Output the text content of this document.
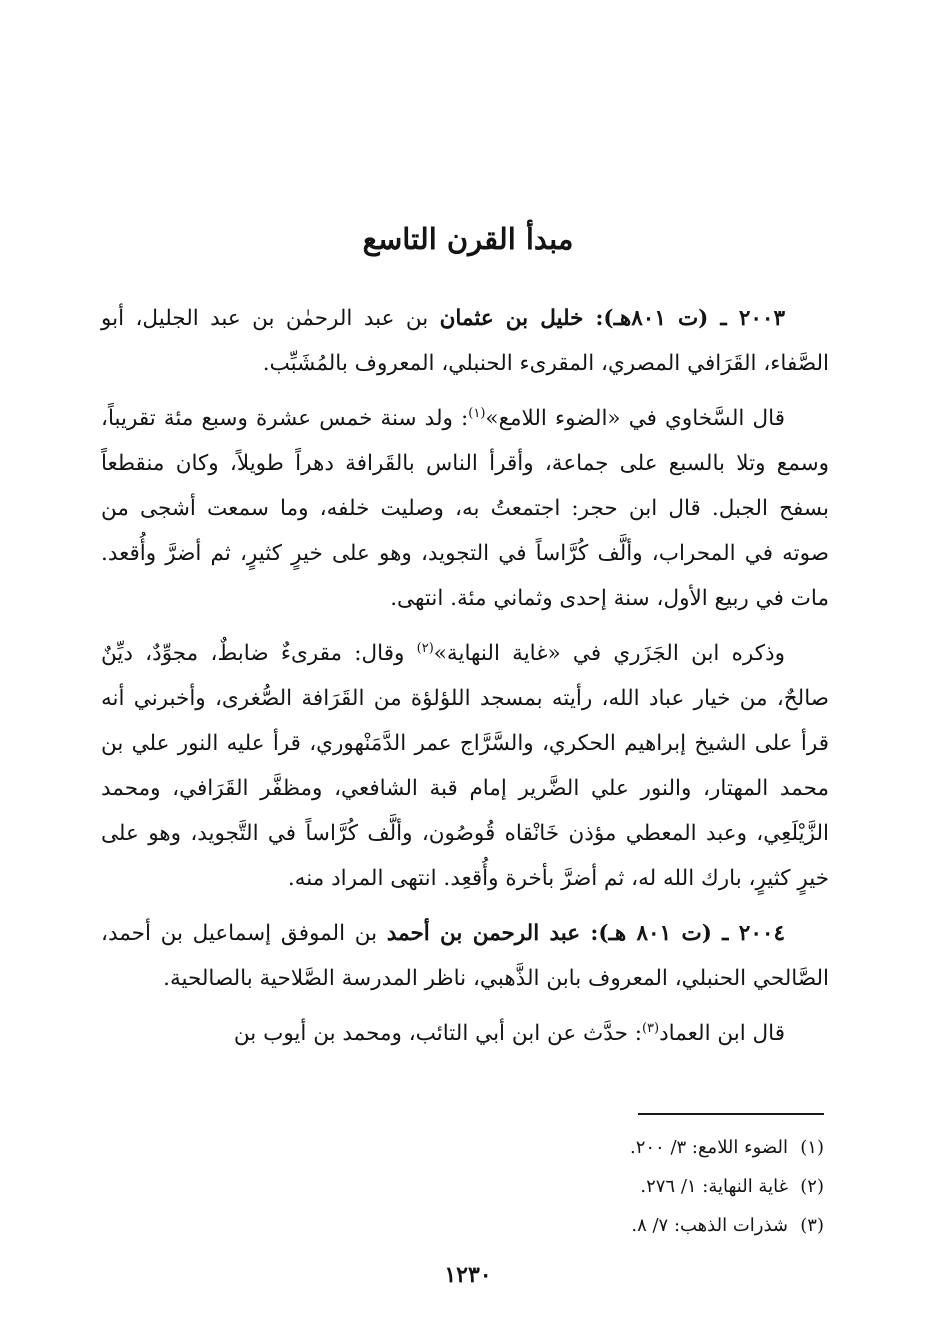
مبدأ القرن التاسع

٢٠٠٣ ـ (ت ٨٠١هـ): خليل بن عثمان بن عبد الرحمٰن بن عبد الجليل، أبو الصَّفاء، القَرَافي المصري، المقرىء الحنبلي، المعروف بالمُشَبِّب.

قال السَّخاوي في «الضوء اللامع»$^{(١)}$: ولد سنة خمس عشرة وسبع مئة تقريباً، وسمع وتلا بالسبع على جماعة، وأقرأ الناس بالقَرافة دهراً طويلاً، وكان منقطعاً بسفح الجبل. قال ابن حجر: اجتمعتُ به، وصليت خلفه، وما سمعت أشجى من صوته في المحراب، وألَّف كُرَّاساً في التجويد، وهو على خيرٍ كثيرٍ، ثم أضرَّ وأُقعد. مات في ربيع الأول، سنة إحدى وثماني مئة. انتهى.

وذكره ابن الجَزَري في «غاية النهاية»$^{(٢)}$ وقال: مقرىءٌ ضابطٌ، مجوِّدٌ، ديِّنٌ صالحٌ، من خيار عباد الله، رأيته بمسجد اللؤلؤة من القَرَافة الصُّغرى، وأخبرني أنه قرأ على الشيخ إبراهيم الحكري، والسَّرَّاج عمر الدَّمَنْهوري، قرأ عليه النور علي بن محمد المهتار، والنور علي الضَّرير إمام قبة الشافعي، ومظفَّر القَرَافي، ومحمد الزَّيْلَعِي، وعبد المعطي مؤذن خَانْقاه قُوصُون، وألَّف كُرَّاساً في التَّجويد، وهو على خيرٍ كثيرٍ، بارك الله له، ثم أضرَّ بأخرة وأُقعِد. انتهى المراد منه.

٢٠٠٤ ـ (ت ٨٠١ هـ): عبد الرحمن بن أحمد بن الموفق إسماعيل بن أحمد، الصَّالحي الحنبلي، المعروف بابن الذَّهبي، ناظر المدرسة الصَّلاحية بالصالحية.

قال ابن العماد$^{(٣)}$: حدَّث عن ابن أبي التائب، ومحمد بن أيوب بن

(١)الضوء اللامع: ٣/ ٢٠٠.
(٢)غاية النهاية: ١/ ٢٧٦.
(٣)شذرات الذهب: ٧/ ٨.
١٢٣٠
